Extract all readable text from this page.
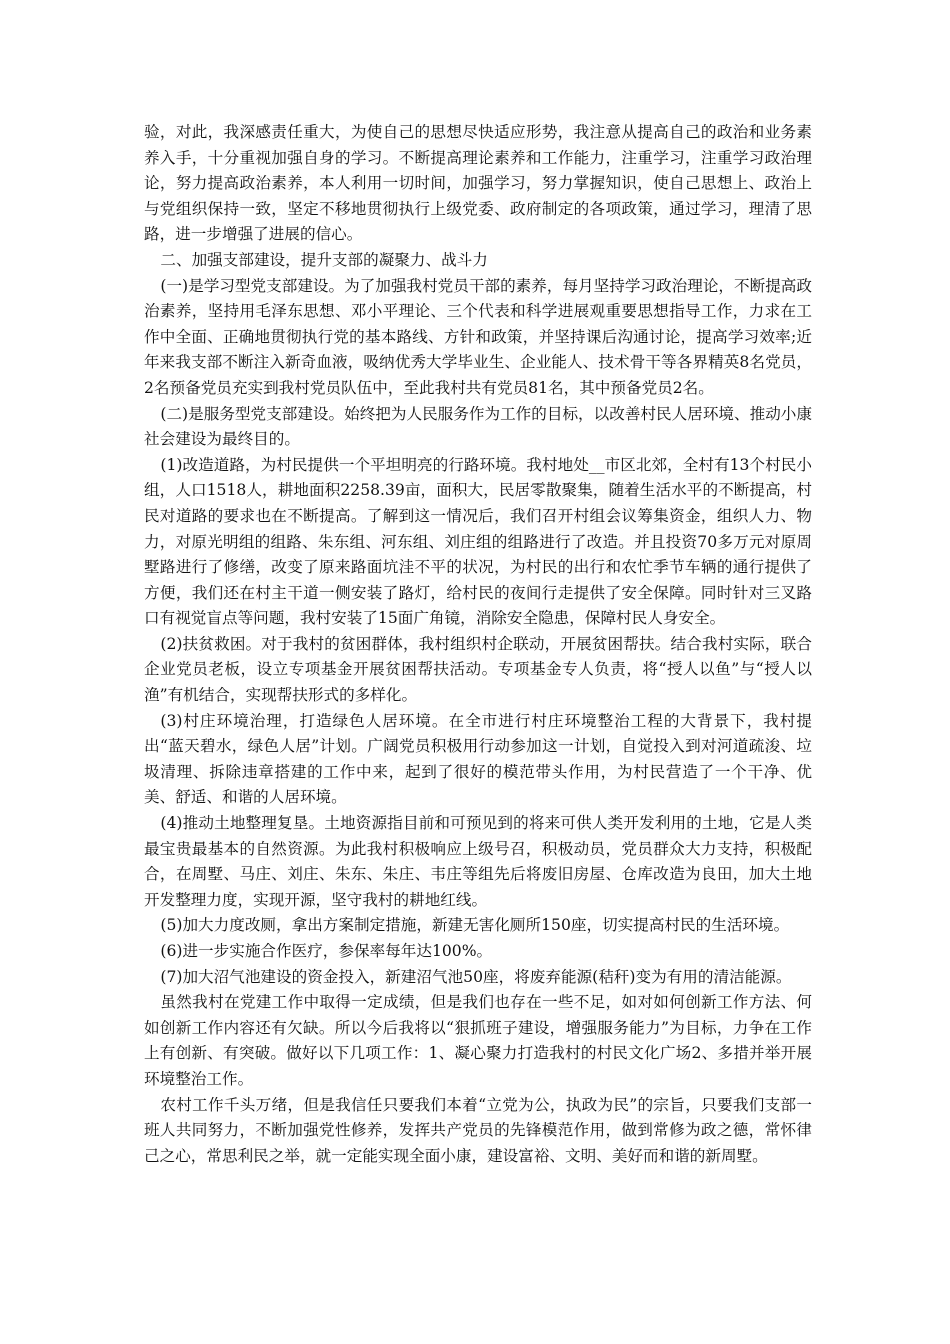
验，对此，我深感责任重大，为使自己的思想尽快适应形势，我注意从提高自己的政治和业务素养入手，十分重视加强自身的学习。不断提高理论素养和工作能力，注重学习，注重学习政治理论，努力提高政治素养，本人利用一切时间，加强学习，努力掌握知识，使自己思想上、政治上与党组织保持一致，坚定不移地贯彻执行上级党委、政府制定的各项政策，通过学习，理清了思路，进一步增强了进展的信心。

二、加强支部建设，提升支部的凝聚力、战斗力

(一)是学习型党支部建设。为了加强我村党员干部的素养，每月坚持学习政治理论，不断提高政治素养，坚持用毛泽东思想、邓小平理论、三个代表和科学进展观重要思想指导工作，力求在工作中全面、正确地贯彻执行党的基本路线、方针和政策，并坚持课后沟通讨论，提高学习效率;近年来我支部不断注入新奇血液，吸纳优秀大学毕业生、企业能人、技术骨干等各界精英8名党员，2名预备党员充实到我村党员队伍中，至此我村共有党员81名，其中预备党员2名。

(二)是服务型党支部建设。始终把为人民服务作为工作的目标，以改善村民人居环境、推动小康社会建设为最终目的。

(1)改造道路，为村民提供一个平坦明亮的行路环境。我村地处__市区北郊，全村有13个村民小组，人口1518人，耕地面积2258.39亩，面积大，民居零散聚集，随着生活水平的不断提高，村民对道路的要求也在不断提高。了解到这一情况后，我们召开村组会议筹集资金，组织人力、物力，对原光明组的组路、朱东组、河东组、刘庄组的组路进行了改造。并且投资70多万元对原周墅路进行了修缮，改变了原来路面坑洼不平的状况，为村民的出行和农忙季节车辆的通行提供了方便，我们还在村主干道一侧安装了路灯，给村民的夜间行走提供了安全保障。同时针对三叉路口有视觉盲点等问题，我村安装了15面广角镜，消除安全隐患，保障村民人身安全。

(2)扶贫救困。对于我村的贫困群体，我村组织村企联动，开展贫困帮扶。结合我村实际，联合企业党员老板，设立专项基金开展贫困帮扶活动。专项基金专人负责，将“授人以鱼”与“授人以渔”有机结合，实现帮扶形式的多样化。

(3)村庄环境治理，打造绿色人居环境。在全市进行村庄环境整治工程的大背景下，我村提出“蓝天碧水，绿色人居”计划。广阔党员积极用行动参加这一计划，自觉投入到对河道疏浚、垃圾清理、拆除违章搭建的工作中来，起到了很好的模范带头作用，为村民营造了一个干净、优美、舒适、和谐的人居环境。

(4)推动土地整理复垦。土地资源指目前和可预见到的将来可供人类开发利用的土地，它是人类最宝贵最基本的自然资源。为此我村积极响应上级号召，积极动员，党员群众大力支持，积极配合，在周墅、马庄、刘庄、朱东、朱庄、韦庄等组先后将废旧房屋、仓库改造为良田，加大土地开发整理力度，实现开源，坚守我村的耕地红线。

(5)加大力度改厕，拿出方案制定措施，新建无害化厕所150座，切实提高村民的生活环境。

(6)进一步实施合作医疗，参保率每年达100%。

(7)加大沼气池建设的资金投入，新建沼气池50座，将废弃能源(秸秆)变为有用的清洁能源。

虽然我村在党建工作中取得一定成绩，但是我们也存在一些不足，如对如何创新工作方法、何如创新工作内容还有欠缺。所以今后我将以“狠抓班子建设，增强服务能力”为目标，力争在工作上有创新、有突破。做好以下几项工作：1、凝心聚力打造我村的村民文化广场2、多措并举开展环境整治工作。

农村工作千头万绪，但是我信任只要我们本着“立党为公，执政为民”的宗旨，只要我们支部一班人共同努力，不断加强党性修养，发挥共产党员的先锋模范作用，做到常修为政之德，常怀律己之心，常思利民之举，就一定能实现全面小康，建设富裕、文明、美好而和谐的新周墅。
